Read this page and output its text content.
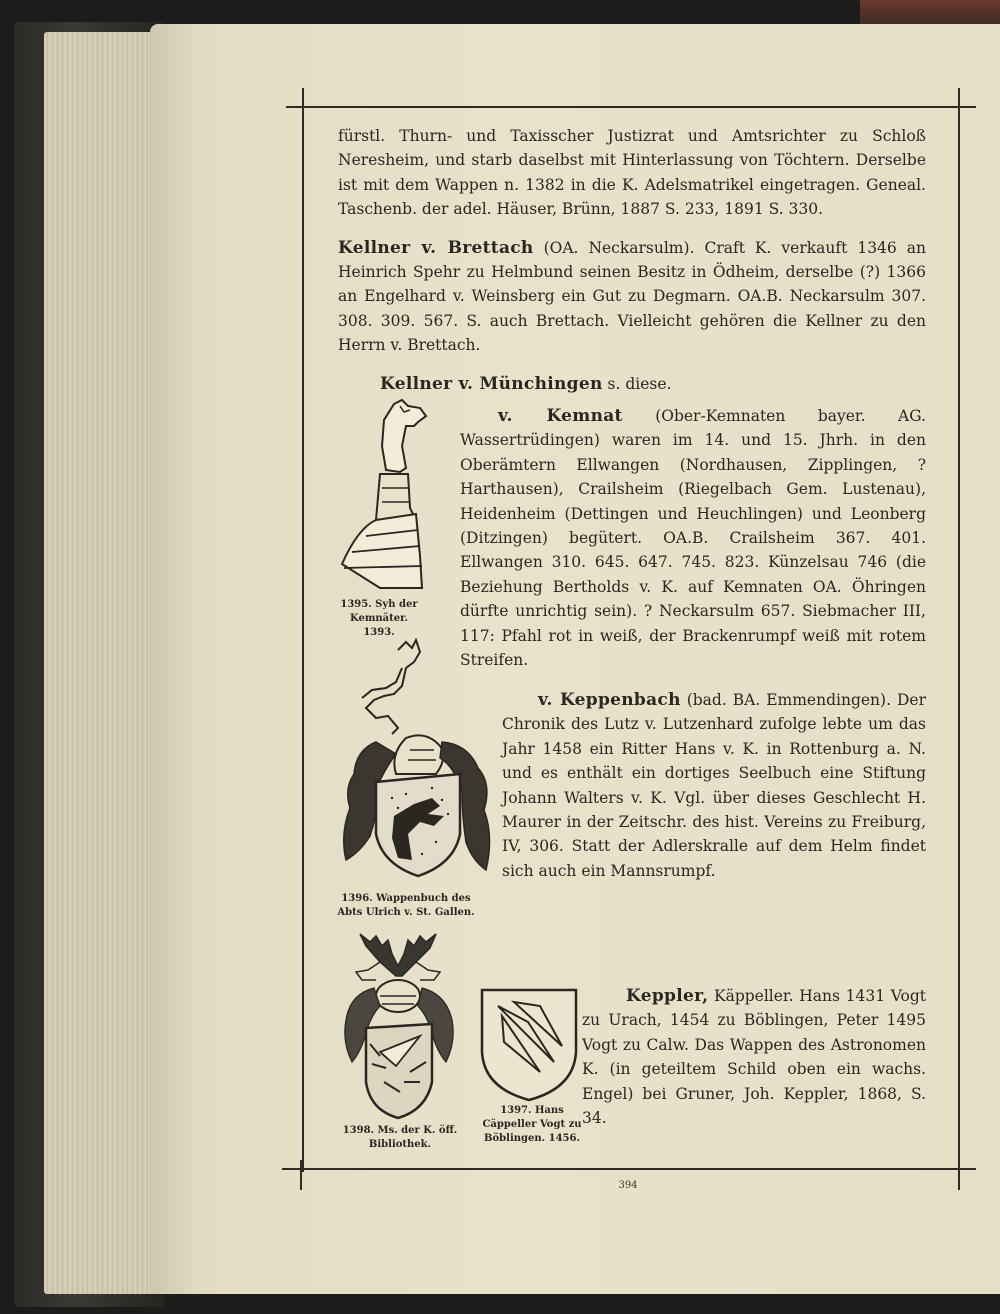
fürstl. Thurn- und Taxisscher Justizrat und Amtsrichter zu Schloß Neresheim, und starb daselbst mit Hinterlassung von Töchtern. Derselbe ist mit dem Wappen n. 1382 in die K. Adelsmatrikel eingetragen. Geneal. Taschenb. der adel. Häuser, Brünn, 1887 S. 233, 1891 S. 330.

Kellner v. Brettach (OA. Neckarsulm). Craft K. verkauft 1346 an Heinrich Spehr zu Helmbund seinen Besitz in Ödheim, derselbe (?) 1366 an Engelhard v. Weinsberg ein Gut zu Degmarn. OA.B. Neckarsulm 307. 308. 309. 567. S. auch Brettach. Vielleicht gehören die Kellner zu den Herrn v. Brettach.

Kellner v. Münchingen s. diese.

1395. Syh der Kemnäter. 1393.

v. Kemnat (Ober-Kemnaten bayer. AG. Wassertrüdingen) waren im 14. und 15. Jhrh. in den Oberämtern Ellwangen (Nordhausen, Zipplingen, ? Harthausen), Crailsheim (Riegelbach Gem. Lustenau), Heidenheim (Dettingen und Heuchlingen) und Leonberg (Ditzingen) begütert. OA.B. Crailsheim 367. 401. Ellwangen 310. 645. 647. 745. 823. Künzelsau 746 (die Beziehung Bertholds v. K. auf Kemnaten OA. Öhringen dürfte unrichtig sein). ? Neckarsulm 657. Siebmacher III, 117: Pfahl rot in weiß, der Brackenrumpf weiß mit rotem Streifen.

1396. Wappenbuch des Abts Ulrich v. St. Gallen.

v. Keppenbach (bad. BA. Emmendingen). Der Chronik des Lutz v. Lutzenhard zufolge lebte um das Jahr 1458 ein Ritter Hans v. K. in Rottenburg a. N. und es enthält ein dortiges Seelbuch eine Stiftung Johann Walters v. K. Vgl. über dieses Geschlecht H. Maurer in der Zeitschr. des hist. Vereins zu Freiburg, IV, 306. Statt der Adlerskralle auf dem Helm findet sich auch ein Mannsrumpf.

1398. Ms. der K. öff. Bibliothek.
1397. Hans Cäppeller Vogt zu Böblingen. 1456.

Keppler, Käppeller. Hans 1431 Vogt zu Urach, 1454 zu Böblingen, Peter 1495 Vogt zu Calw. Das Wappen des Astronomen K. (in geteiltem Schild oben ein wachs. Engel) bei Gruner, Joh. Keppler, 1868, S. 34.

394
